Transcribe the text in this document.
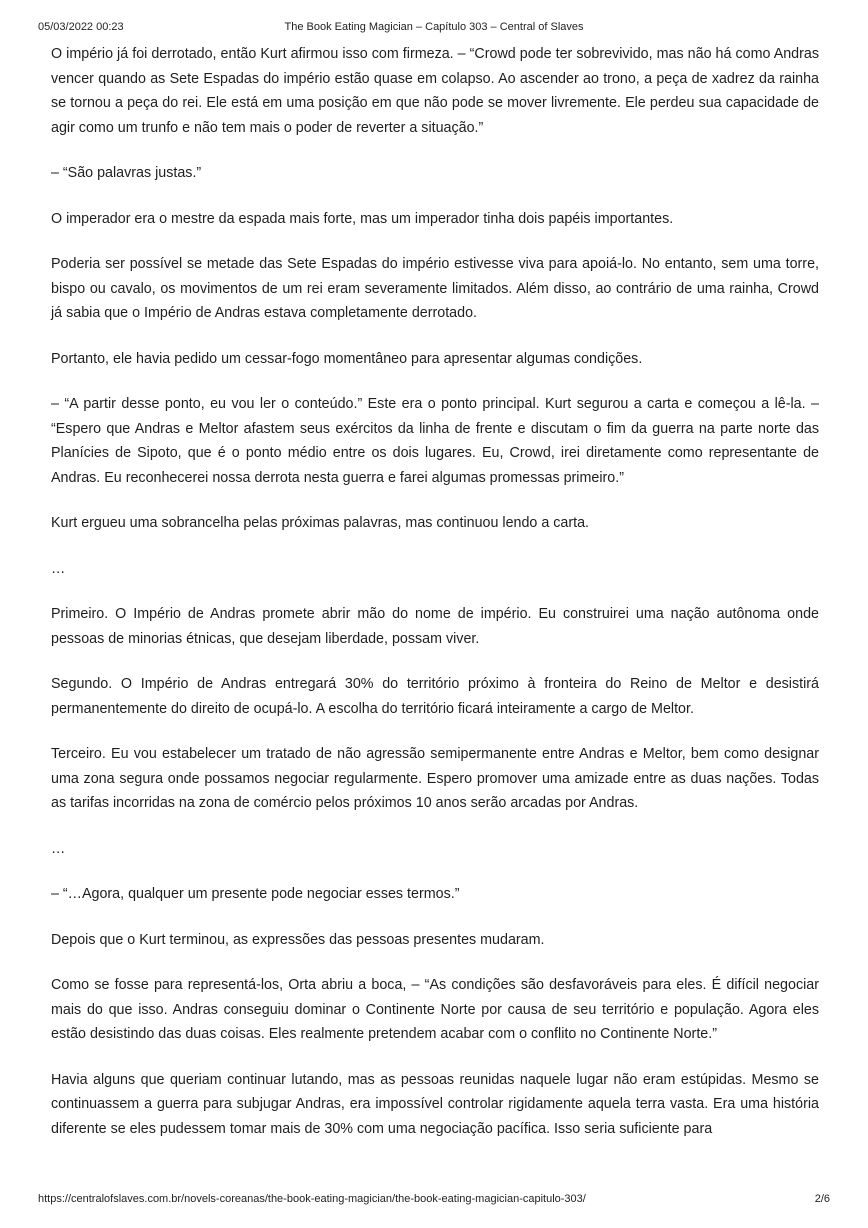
05/03/2022 00:23	The Book Eating Magician – Capítulo 303 – Central of Slaves

O império já foi derrotado, então Kurt afirmou isso com firmeza. – “Crowd pode ter sobrevivido, mas não há como Andras vencer quando as Sete Espadas do império estão quase em colapso. Ao ascender ao trono, a peça de xadrez da rainha se tornou a peça do rei. Ele está em uma posição em que não pode se mover livremente. Ele perdeu sua capacidade de agir como um trunfo e não tem mais o poder de reverter a situação.”

– “São palavras justas.”

O imperador era o mestre da espada mais forte, mas um imperador tinha dois papéis importantes.

Poderia ser possível se metade das Sete Espadas do império estivesse viva para apoiá-lo. No entanto, sem uma torre, bispo ou cavalo, os movimentos de um rei eram severamente limitados. Além disso, ao contrário de uma rainha, Crowd já sabia que o Império de Andras estava completamente derrotado.

Portanto, ele havia pedido um cessar-fogo momentâneo para apresentar algumas condições.

– “A partir desse ponto, eu vou ler o conteúdo.” Este era o ponto principal. Kurt segurou a carta e começou a lê-la. – “Espero que Andras e Meltor afastem seus exércitos da linha de frente e discutam o fim da guerra na parte norte das Planícies de Sipoto, que é o ponto médio entre os dois lugares. Eu, Crowd, irei diretamente como representante de Andras. Eu reconhecerei nossa derrota nesta guerra e farei algumas promessas primeiro.”

Kurt ergueu uma sobrancelha pelas próximas palavras, mas continuou lendo a carta.

…

Primeiro. O Império de Andras promete abrir mão do nome de império. Eu construirei uma nação autônoma onde pessoas de minorias étnicas, que desejam liberdade, possam viver.

Segundo. O Império de Andras entregará 30% do território próximo à fronteira do Reino de Meltor e desistirá permanentemente do direito de ocupá-lo. A escolha do território ficará inteiramente a cargo de Meltor.

Terceiro. Eu vou estabelecer um tratado de não agressão semipermanente entre Andras e Meltor, bem como designar uma zona segura onde possamos negociar regularmente. Espero promover uma amizade entre as duas nações. Todas as tarifas incorridas na zona de comércio pelos próximos 10 anos serão arcadas por Andras.

…

– “…Agora, qualquer um presente pode negociar esses termos.”

Depois que o Kurt terminou, as expressões das pessoas presentes mudaram.

Como se fosse para representá-los, Orta abriu a boca, – “As condições são desfavoráveis para eles. É difícil negociar mais do que isso. Andras conseguiu dominar o Continente Norte por causa de seu território e população. Agora eles estão desistindo das duas coisas. Eles realmente pretendem acabar com o conflito no Continente Norte.”

Havia alguns que queriam continuar lutando, mas as pessoas reunidas naquele lugar não eram estúpidas. Mesmo se continuassem a guerra para subjugar Andras, era impossível controlar rigidamente aquela terra vasta. Era uma história diferente se eles pudessem tomar mais de 30% com uma negociação pacífica. Isso seria suficiente para

https://centralofslaves.com.br/novels-coreanas/the-book-eating-magician/the-book-eating-magician-capitulo-303/	2/6
